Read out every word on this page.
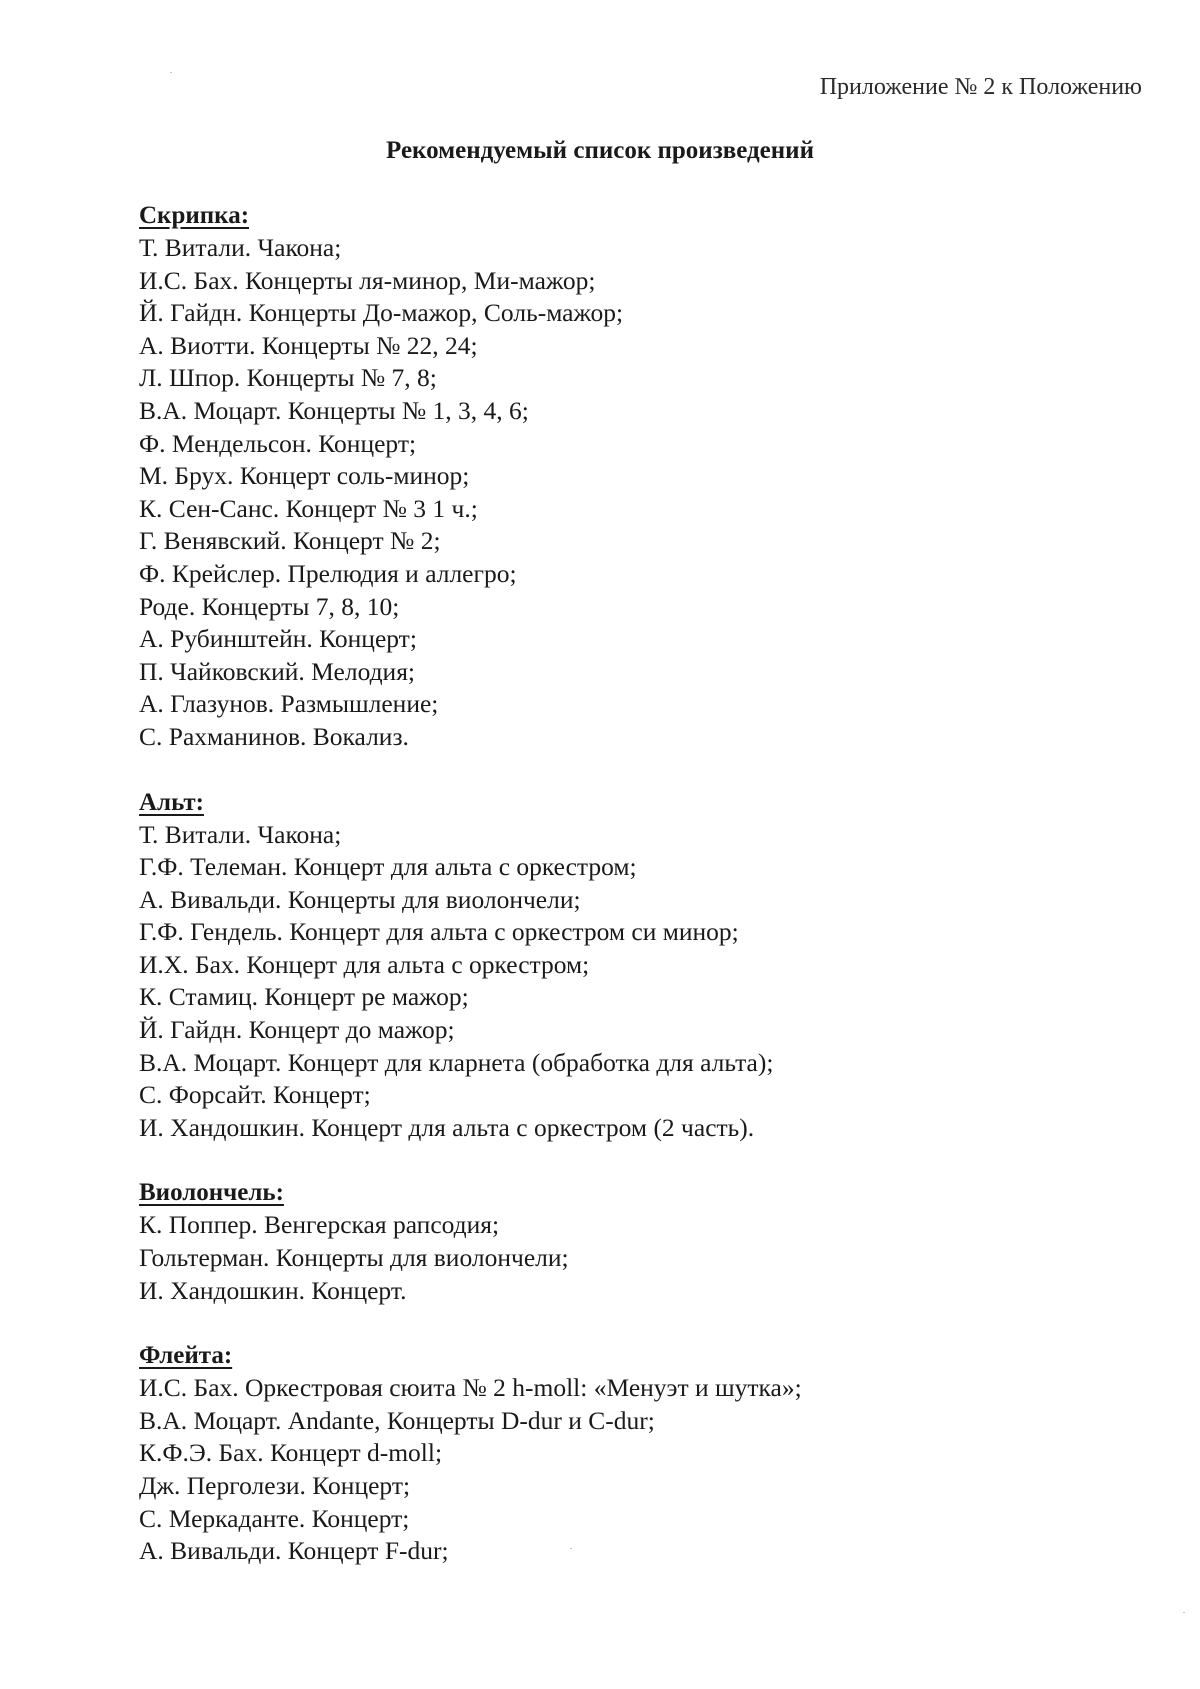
Приложение № 2 к Положению
Рекомендуемый список произведений
Скрипка:
Т. Витали. Чакона;
И.С. Бах. Концерты ля-минор, Ми-мажор;
Й. Гайдн. Концерты До-мажор, Соль-мажор;
А. Виотти. Концерты № 22, 24;
Л. Шпор. Концерты № 7, 8;
В.А. Моцарт. Концерты № 1, 3, 4, 6;
Ф. Мендельсон. Концерт;
М. Брух. Концерт соль-минор;
К. Сен-Санс. Концерт № 3 1 ч.;
Г. Венявский. Концерт № 2;
Ф. Крейслер. Прелюдия и аллегро;
Роде. Концерты 7, 8, 10;
А. Рубинштейн. Концерт;
П. Чайковский. Мелодия;
А. Глазунов. Размышление;
С. Рахманинов. Вокализ.
Альт:
Т. Витали. Чакона;
Г.Ф. Телеман. Концерт для альта с оркестром;
А. Вивальди. Концерты для виолончели;
Г.Ф. Гендель. Концерт для альта с оркестром си минор;
И.Х. Бах. Концерт для альта с оркестром;
К. Стамиц. Концерт ре мажор;
Й. Гайдн. Концерт до мажор;
В.А. Моцарт. Концерт для кларнета (обработка для альта);
С. Форсайт. Концерт;
И. Хандошкин. Концерт для альта с оркестром (2 часть).
Виолончель:
К. Поппер. Венгерская рапсодия;
Гольтерман. Концерты для виолончели;
И. Хандошкин. Концерт.
Флейта:
И.С. Бах. Оркестровая сюита № 2 h-moll: «Менуэт и шутка»;
В.А. Моцарт. Andante, Концерты D-dur и C-dur;
К.Ф.Э. Бах. Концерт d-moll;
Дж. Перголези. Концерт;
С. Меркаданте. Концерт;
А. Вивальди. Концерт F-dur;
